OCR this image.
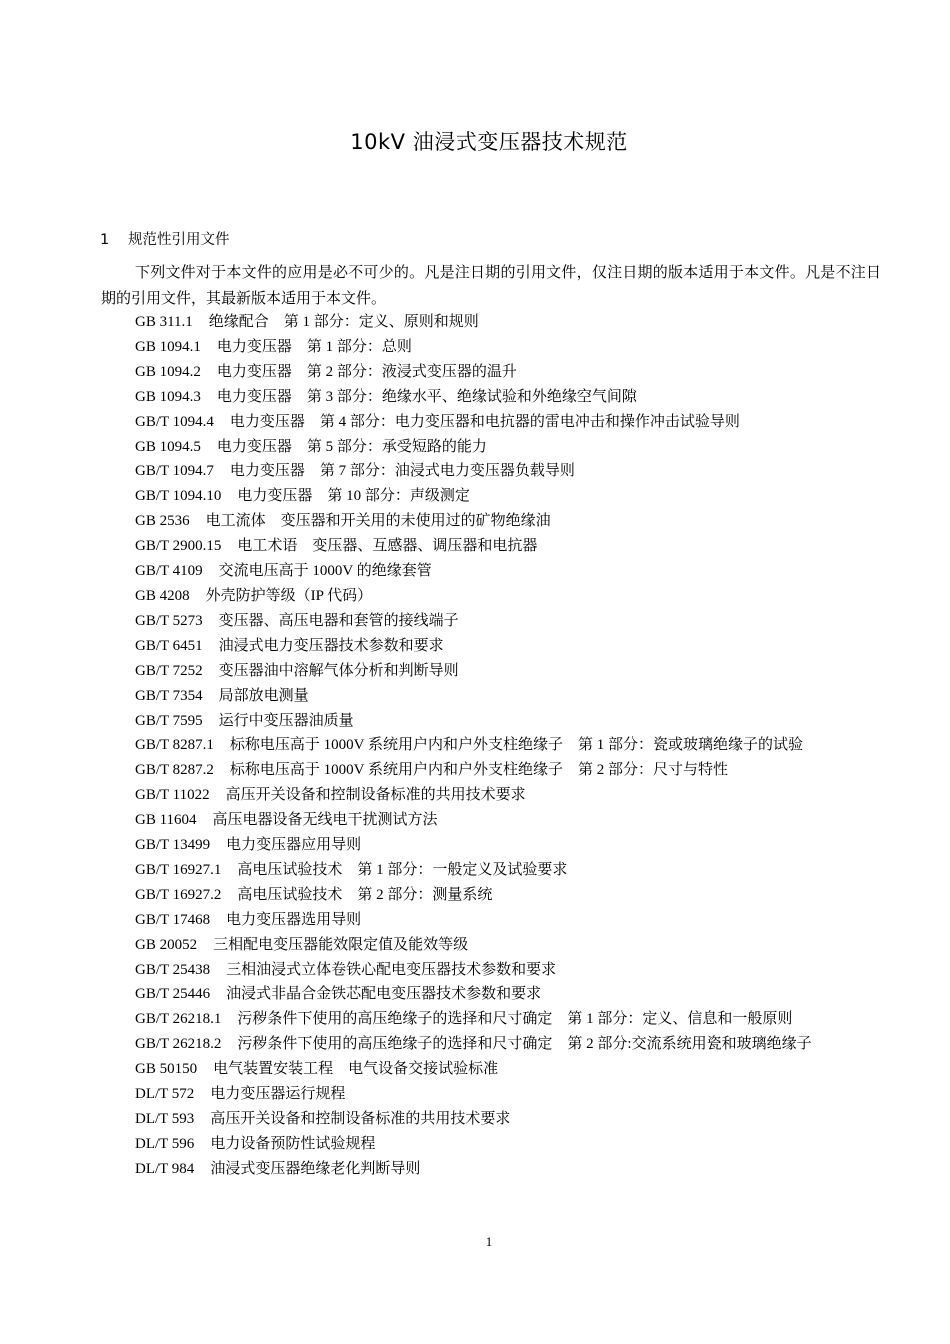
10kV 油浸式变压器技术规范
1 规范性引用文件
下列文件对于本文件的应用是必不可少的。凡是注日期的引用文件，仅注日期的版本适用于本文件。凡是不注日期的引用文件，其最新版本适用于本文件。
GB 311.1 绝缘配合　第 1 部分：定义、原则和规则
GB 1094.1 电力变压器　第 1 部分：总则
GB 1094.2 电力变压器　第 2 部分：液浸式变压器的温升
GB 1094.3 电力变压器　第 3 部分：绝缘水平、绝缘试验和外绝缘空气间隙
GB/T 1094.4 电力变压器　第 4 部分：电力变压器和电抗器的雷电冲击和操作冲击试验导则
GB 1094.5 电力变压器　第 5 部分：承受短路的能力
GB/T 1094.7 电力变压器　第 7 部分：油浸式电力变压器负载导则
GB/T 1094.10 电力变压器　第 10 部分：声级测定
GB 2536 电工流体　变压器和开关用的未使用过的矿物绝缘油
GB/T 2900.15 电工术语　变压器、互感器、调压器和电抗器
GB/T 4109 交流电压高于 1000V 的绝缘套管
GB 4208 外壳防护等级（IP 代码）
GB/T 5273 变压器、高压电器和套管的接线端子
GB/T 6451 油浸式电力变压器技术参数和要求
GB/T 7252 变压器油中溶解气体分析和判断导则
GB/T 7354 局部放电测量
GB/T 7595 运行中变压器油质量
GB/T 8287.1 标称电压高于 1000V 系统用户内和户外支柱绝缘子　第 1 部分：瓷或玻璃绝缘子的试验
GB/T 8287.2 标称电压高于 1000V 系统用户内和户外支柱绝缘子　第 2 部分：尺寸与特性
GB/T 11022 高压开关设备和控制设备标准的共用技术要求
GB 11604 高压电器设备无线电干扰测试方法
GB/T 13499 电力变压器应用导则
GB/T 16927.1 高电压试验技术　第 1 部分：一般定义及试验要求
GB/T 16927.2 高电压试验技术　第 2 部分：测量系统
GB/T 17468 电力变压器选用导则
GB 20052 三相配电变压器能效限定值及能效等级
GB/T 25438 三相油浸式立体卷铁心配电变压器技术参数和要求
GB/T 25446 油浸式非晶合金铁芯配电变压器技术参数和要求
GB/T 26218.1 污秽条件下使用的高压绝缘子的选择和尺寸确定　第 1 部分：定义、信息和一般原则
GB/T 26218.2 污秽条件下使用的高压绝缘子的选择和尺寸确定　第 2 部分:交流系统用瓷和玻璃绝缘子
GB 50150 电气装置安装工程　电气设备交接试验标准
DL/T 572 电力变压器运行规程
DL/T 593 高压开关设备和控制设备标准的共用技术要求
DL/T 596 电力设备预防性试验规程
DL/T 984 油浸式变压器绝缘老化判断导则
1
